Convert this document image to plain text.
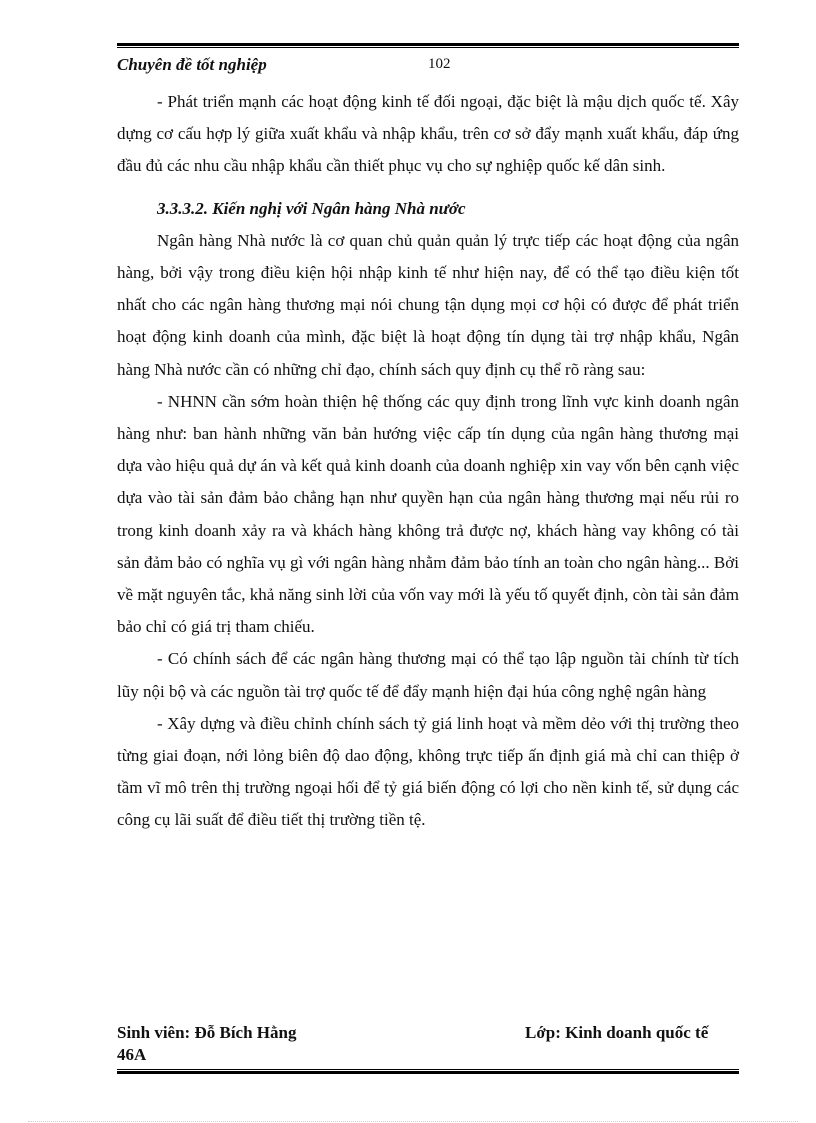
Chuyên đề tốt nghiệp	102

- Phát triển mạnh các hoạt động kinh tế đối ngoại, đặc biệt là mậu dịch quốc tế. Xây dựng cơ cấu hợp lý giữa xuất khẩu và nhập khẩu, trên cơ sở đẩy mạnh xuất khẩu, đáp ứng đầu đủ các nhu cầu nhập khẩu cần thiết phục vụ cho sự nghiệp quốc kế dân sinh.

3.3.3.2. Kiến nghị với Ngân hàng Nhà nước

Ngân hàng Nhà nước là cơ quan chủ quản quản lý trực tiếp các hoạt động của ngân hàng, bởi vậy trong điều kiện hội nhập kinh tế như hiện nay, để có thể tạo điều kiện tốt nhất cho các ngân hàng thương mại nói chung tận dụng mọi cơ hội có được để phát triển hoạt động kinh doanh của mình, đặc biệt là hoạt động tín dụng tài trợ nhập khẩu, Ngân hàng Nhà nước cần có những chỉ đạo, chính sách quy định cụ thể rõ ràng sau:

- NHNN cần sớm hoàn thiện hệ thống các quy định trong lĩnh vực kinh doanh ngân hàng như: ban hành những văn bản hướng việc cấp tín dụng của ngân hàng thương mại dựa vào hiệu quả dự án và kết quả kinh doanh của doanh nghiệp xin vay vốn bên cạnh việc dựa vào tài sản đảm bảo chẳng hạn như quyền hạn của ngân hàng thương mại nếu rủi ro trong kinh doanh xảy ra và khách hàng không trả được nợ, khách hàng vay không có tài sản đảm bảo có nghĩa vụ gì với ngân hàng nhằm đảm bảo tính an toàn cho ngân hàng... Bởi về mặt nguyên tắc, khả năng sinh lời của vốn vay mới là yếu tố quyết định, còn tài sản đảm bảo chỉ có giá trị tham chiếu.

- Có chính sách để các ngân hàng thương mại có thể tạo lập nguồn tài chính từ tích lũy nội bộ và các nguồn tài trợ quốc tế để đẩy mạnh hiện đại húa công nghệ ngân hàng

- Xây dựng và điều chỉnh chính sách tỷ giá linh hoạt và mềm dẻo với thị trường theo từng giai đoạn, nới lỏng biên độ dao động, không trực tiếp ấn định giá mà chỉ can thiệp ở tầm vĩ mô trên thị trường ngoại hối để tỷ giá biến động có lợi cho nền kinh tế, sử dụng các công cụ lãi suất để điều tiết thị trường tiền tệ.

Sinh viên: Đỗ Bích Hằng	Lớp: Kinh doanh quốc tế

46A
